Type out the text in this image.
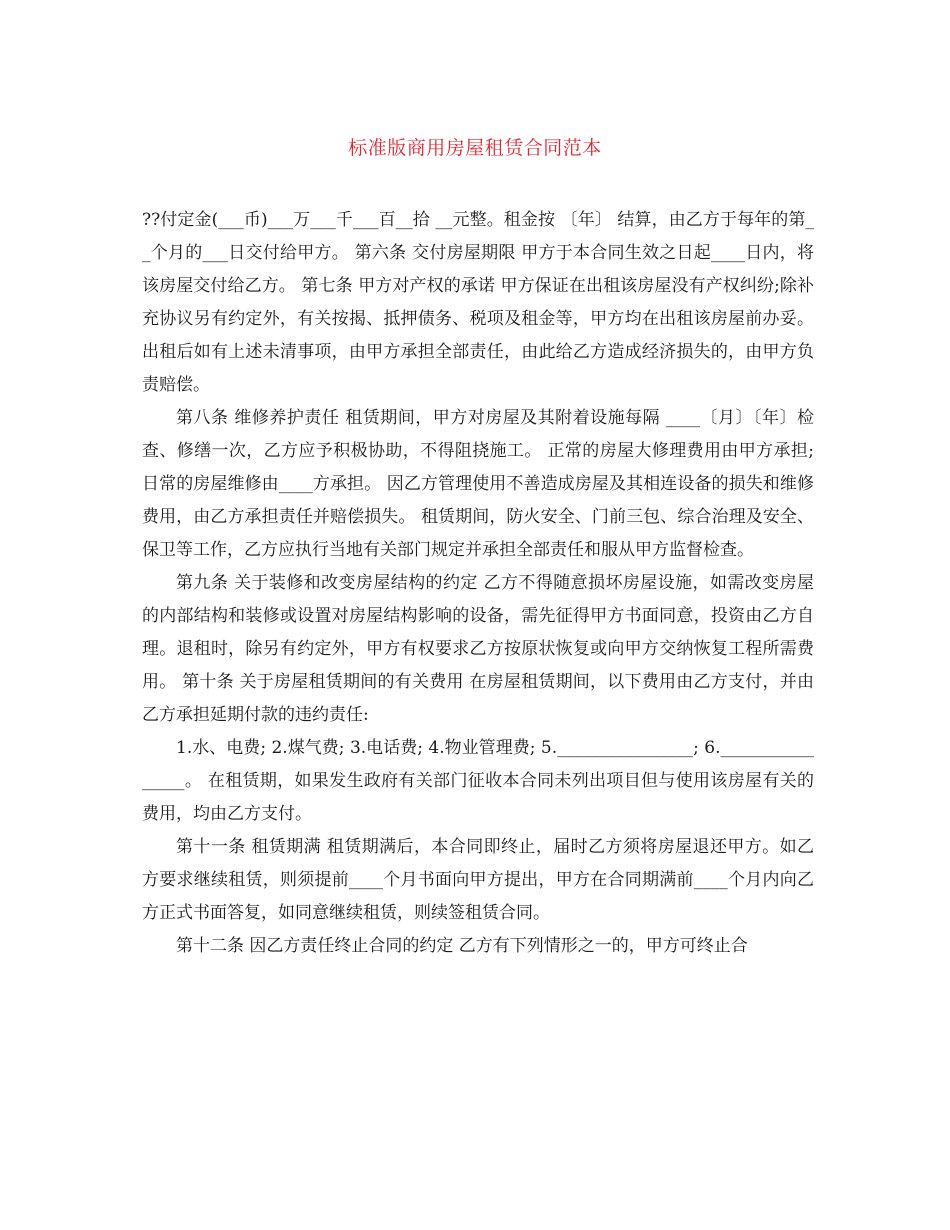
标准版商用房屋租赁合同范本

??付定金(___币)___万___千___百__拾 __元整。租金按 〔年〕 结算，由乙方于每年的第__个月的___日交付给甲方。 第六条 交付房屋期限 甲方于本合同生效之日起____日内，将该房屋交付给乙方。 第七条 甲方对产权的承诺 甲方保证在出租该房屋没有产权纠纷;除补充协议另有约定外，有关按揭、抵押债务、税项及租金等，甲方均在出租该房屋前办妥。出租后如有上述未清事项，由甲方承担全部责任，由此给乙方造成经济损失的，由甲方负责赔偿。

第八条 维修养护责任 租赁期间，甲方对房屋及其附着设施每隔 ____〔月〕〔年〕检查、修缮一次，乙方应予积极协助，不得阻挠施工。 正常的房屋大修理费用由甲方承担;日常的房屋维修由____方承担。 因乙方管理使用不善造成房屋及其相连设备的损失和维修费用，由乙方承担责任并赔偿损失。 租赁期间，防火安全、门前三包、综合治理及安全、保卫等工作，乙方应执行当地有关部门规定并承担全部责任和服从甲方监督检查。

第九条 关于装修和改变房屋结构的约定 乙方不得随意损坏房屋设施，如需改变房屋的内部结构和装修或设置对房屋结构影响的设备，需先征得甲方书面同意，投资由乙方自理。退租时，除另有约定外，甲方有权要求乙方按原状恢复或向甲方交纳恢复工程所需费用。 第十条 关于房屋租赁期间的有关费用 在房屋租赁期间，以下费用由乙方支付，并由乙方承担延期付款的违约责任:

1.水、电费; 2.煤气费; 3.电话费; 4.物业管理费; 5.________________; 6.________________。 在租赁期，如果发生政府有关部门征收本合同未列出项目但与使用该房屋有关的费用，均由乙方支付。

第十一条 租赁期满 租赁期满后，本合同即终止，届时乙方须将房屋退还甲方。如乙方要求继续租赁，则须提前____个月书面向甲方提出，甲方在合同期满前____个月内向乙方正式书面答复，如同意继续租赁，则续签租赁合同。

第十二条 因乙方责任终止合同的约定 乙方有下列情形之一的，甲方可终止合
